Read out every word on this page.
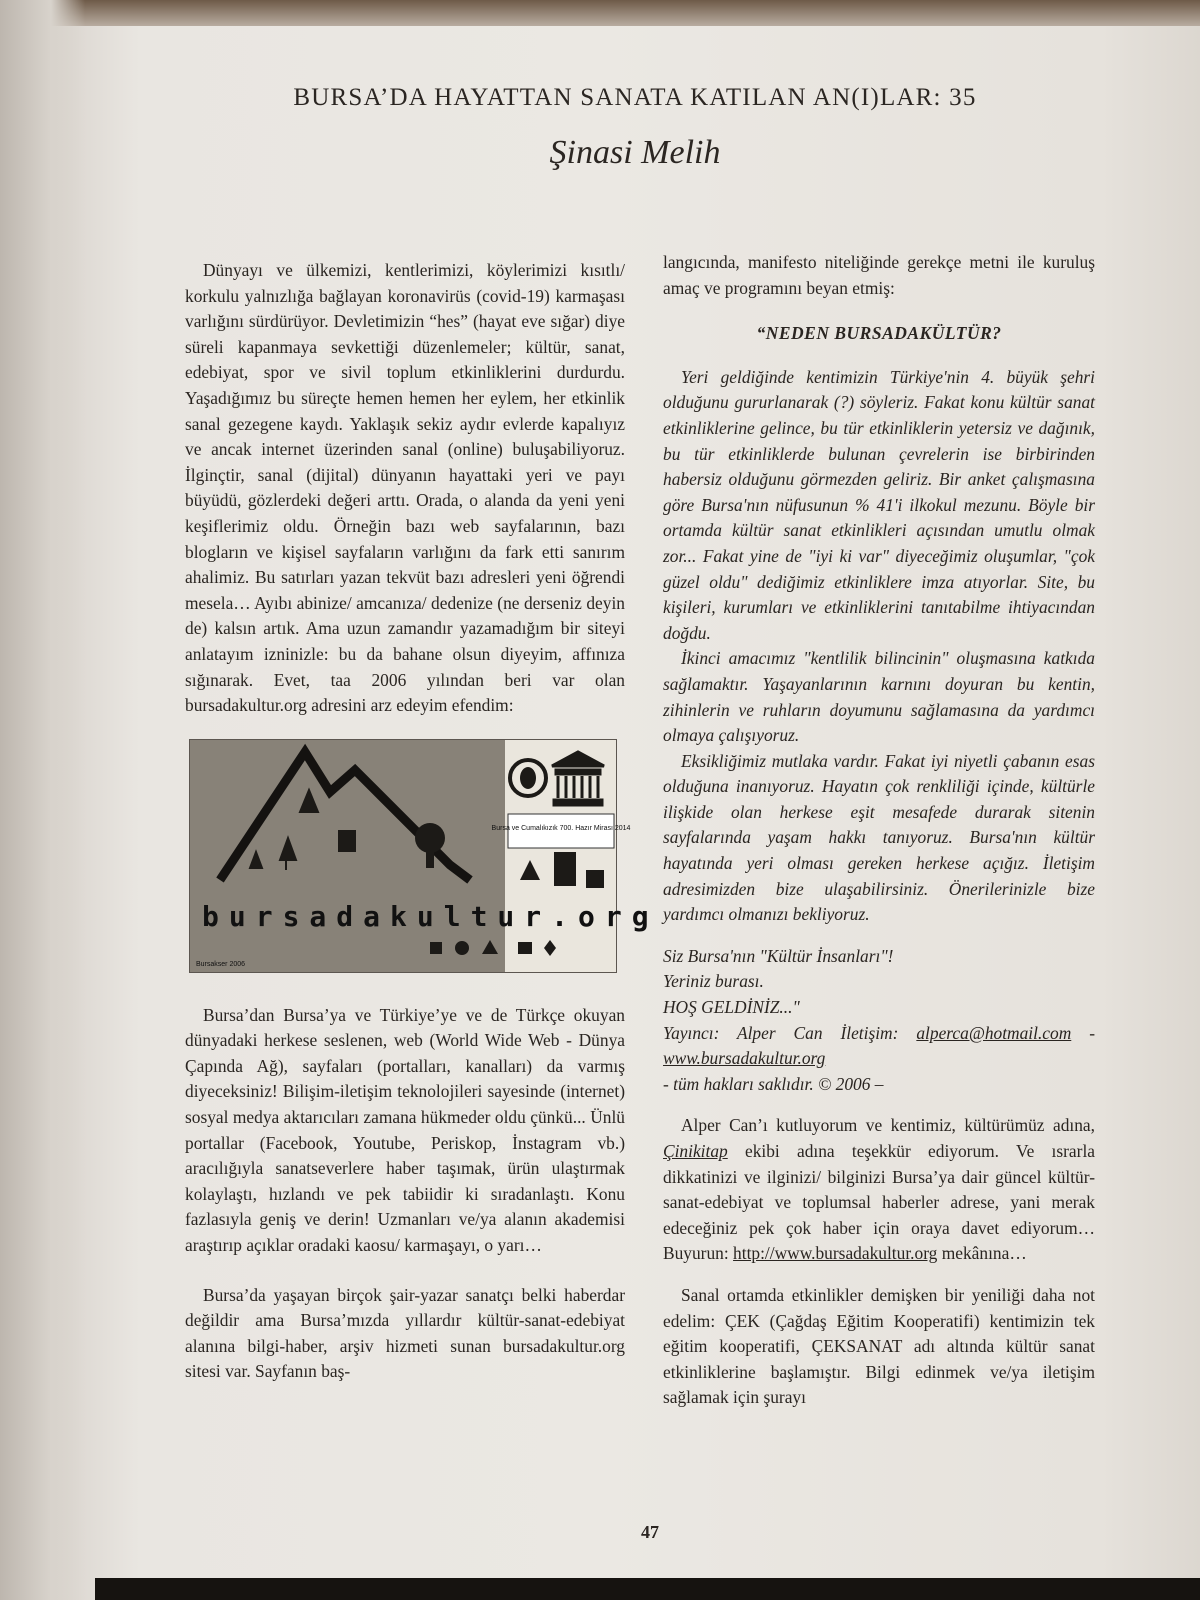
BURSA’DA HAYATTAN SANATA KATILAN AN(I)LAR: 35
Şinasi Melih

Dünyayı ve ülkemizi, kentlerimizi, köylerimizi kısıtlı/ korkulu yalnızlığa bağlayan koronavirüs (covid-19) karmaşası varlığını sürdürüyor. Devletimizin “hes” (hayat eve sığar) diye süreli kapanmaya sevkettiği düzenlemeler; kültür, sanat, edebiyat, spor ve sivil toplum etkinliklerini durdurdu. Yaşadığımız bu süreçte hemen hemen her eylem, her etkinlik sanal gezegene kaydı. Yaklaşık sekiz aydır evlerde kapalıyız ve ancak internet üzerinden sanal (online) buluşabiliyoruz. İlginçtir, sanal (dijital) dünyanın hayattaki yeri ve payı büyüdü, gözlerdeki değeri arttı. Orada, o alanda da yeni yeni keşiflerimiz oldu. Örneğin bazı web sayfalarının, bazı blogların ve kişisel sayfaların varlığını da fark etti sanırım ahalimiz. Bu satırları yazan tekvüt bazı adresleri yeni öğrendi mesela… Ayıbı abinize/ amcanıza/ dedenize (ne derseniz deyin de) kalsın artık. Ama uzun zamandır yazamadığım bir siteyi anlatayım izninizle: bu da bahane olsun diyeyim, affınıza sığınarak. Evet, taa 2006 yılından beri var olan bursadakultur.org adresini arz edeyim efendim:

Bursa ve Cumalıkızık 700. Hazır Mirası 2014
bursadakultur.org
Bursakser 2006

Bursa’dan Bursa’ya ve Türkiye’ye ve de Türkçe okuyan dünyadaki herkese seslenen, web (World Wide Web - Dünya Çapında Ağ), sayfaları (portalları, kanalları) da varmış diyeceksiniz! Bilişim-iletişim teknolojileri sayesinde (internet) sosyal medya aktarıcıları zamana hükmeder oldu çünkü... Ünlü portallar (Facebook, Youtube, Periskop, İnstagram vb.) aracılığıyla sanatseverlere haber taşımak, ürün ulaştırmak kolaylaştı, hızlandı ve pek tabiidir ki sıradanlaştı. Konu fazlasıyla geniş ve derin! Uzmanları ve/ya alanın akademisi araştırıp açıklar oradaki kaosu/ karmaşayı, o yarı…

Bursa’da yaşayan birçok şair-yazar sanatçı belki haberdar değildir ama Bursa’mızda yıllardır kültür-sanat-edebiyat alanına bilgi-haber, arşiv hizmeti sunan bursadakultur.org sitesi var. Sayfanın baş-

langıcında, manifesto niteliğinde gerekçe metni ile kuruluş amaç ve programını beyan etmiş:

“NEDEN BURSADAKÜLTÜR?

Yeri geldiğinde kentimizin Türkiye'nin 4. büyük şehri olduğunu gururlanarak (?) söyleriz. Fakat konu kültür sanat etkinliklerine gelince, bu tür etkinliklerin yetersiz ve dağınık, bu tür etkinliklerde bulunan çevrelerin ise birbirinden habersiz olduğunu görmezden geliriz. Bir anket çalışmasına göre Bursa'nın nüfusunun % 41'i ilkokul mezunu. Böyle bir ortamda kültür sanat etkinlikleri açısından umutlu olmak zor... Fakat yine de "iyi ki var" diyeceğimiz oluşumlar, "çok güzel oldu" dediğimiz etkinliklere imza atıyorlar. Site, bu kişileri, kurumları ve etkinliklerini tanıtabilme ihtiyacından doğdu.

İkinci amacımız "kentlilik bilincinin" oluşmasına katkıda sağlamaktır. Yaşayanlarının karnını doyuran bu kentin, zihinlerin ve ruhların doyumunu sağlamasına da yardımcı olmaya çalışıyoruz.

Eksikliğimiz mutlaka vardır. Fakat iyi niyetli çabanın esas olduğuna inanıyoruz. Hayatın çok renkliliği içinde, kültürle ilişkide olan herkese eşit mesafede durarak sitenin sayfalarında yaşam hakkı tanıyoruz. Bursa'nın kültür hayatında yeri olması gereken herkese açığız. İletişim adresimizden bize ulaşabilirsiniz. Önerilerinizle bize yardımcı olmanızı bekliyoruz.

Siz Bursa'nın "Kültür İnsanları"!

Yeriniz burası.

HOŞ GELDİNİZ..."

Yayıncı: Alper Can İletişim: alperca@hotmail.com - www.bursadakultur.org

- tüm hakları saklıdır. © 2006 –

Alper Can’ı kutluyorum ve kentimiz, kültürümüz adına, Çinikitap ekibi adına teşekkür ediyorum. Ve ısrarla dikkatinizi ve ilginizi/ bilginizi Bursa’ya dair güncel kültür-sanat-edebiyat ve toplumsal haberler adrese, yani merak edeceğiniz pek çok haber için oraya davet ediyorum… Buyurun: http://www.bursadakultur.org mekânına…

Sanal ortamda etkinlikler demişken bir yeniliği daha not edelim: ÇEK (Çağdaş Eğitim Kooperatifi) kentimizin tek eğitim kooperatifi, ÇEKSANAT adı altında kültür sanat etkinliklerine başlamıştır. Bilgi edinmek ve/ya iletişim sağlamak için şurayı

47
